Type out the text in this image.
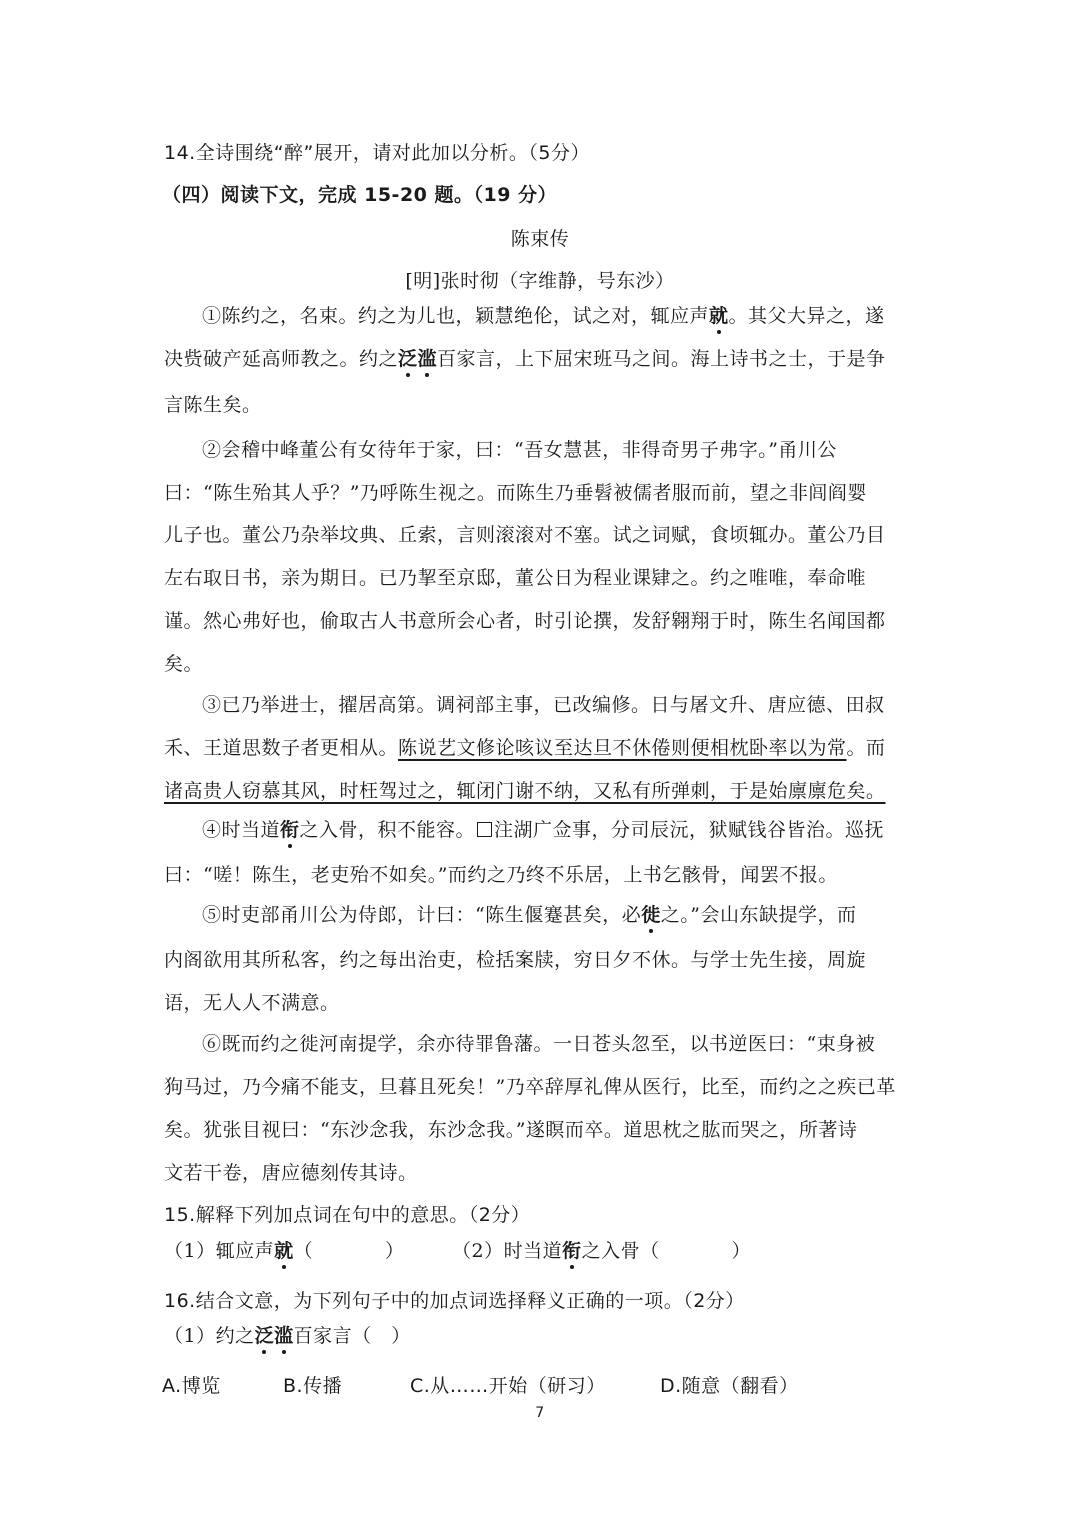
14.全诗围绕“醉”展开，请对此加以分析。（5分）
（四）阅读下文，完成 15-20 题。（19 分）
陈束传
[明]张时彻（字维静，号东沙）
①陈约之，名束。约之为儿也，颖慧绝伦，试之对，辄应声就。其父大异之，遂
决赀破产延高师教之。约之泛滥百家言，上下屈宋班马之间。海上诗书之士，于是争
言陈生矣。
②会稽中峰董公有女待年于家，曰：“吾女慧甚，非得奇男子弗字。”甬川公
曰：“陈生殆其人乎？”乃呼陈生视之。而陈生乃垂髫被儒者服而前，望之非闾阎婴
儿子也。董公乃杂举坟典、丘索，言则滚滚对不塞。试之词赋，食顷辄办。董公乃目
左右取日书，亲为期日。已乃挈至京邸，董公日为程业课肄之。约之唯唯，奉命唯
谨。然心弗好也，偷取古人书意所会心者，时引论撰，发舒翱翔于时，陈生名闻国都
矣。
③已乃举进士，擢居高第。调祠部主事，已改编修。日与屠文升、唐应德、田叔
禾、王道思数子者更相从。陈说艺文修论咳议至达旦不休倦则便相枕卧率以为常。而
诸高贵人窃慕其风，时枉驾过之，辄闭门谢不纳，又私有所弹刺，于是始廪廪危矣。
④时当道衔之入骨，积不能容。 注湖广佥事，分司辰沅，狱赋钱谷皆治。巡抚
曰：“嗟！陈生，老吏殆不如矣。”而约之乃终不乐居，上书乞骸骨，闻罢不报。
⑤时吏部甬川公为侍郎，计曰：“陈生偃蹇甚矣，必徙之。”会山东缺提学，而
内阁欲用其所私客，约之每出治吏，检括案牍，穷日夕不休。与学士先生接，周旋
语，无人人不满意。
⑥既而约之徙河南提学，余亦待罪鲁藩。一日苍头忽至，以书逆医曰：“束身被
狗马过，乃今痛不能支，旦暮且死矣！”乃卒辞厚礼俾从医行，比至，而约之之疾已革
矣。犹张目视曰：“东沙念我，东沙念我。”遂瞑而卒。道思枕之肱而哭之，所著诗
文若干卷，唐应德刻传其诗。
15.解释下列加点词在句中的意思。（2分）
（1）辄应声就（           ） （2）时当道衔之入骨（           ）
16.结合文意，为下列句子中的加点词选择释义正确的一项。（2分）
（1）约之泛滥百家言（   ）
A.博览	B.传播	C.从……开始（研习）	D.随意（翻看）
7
